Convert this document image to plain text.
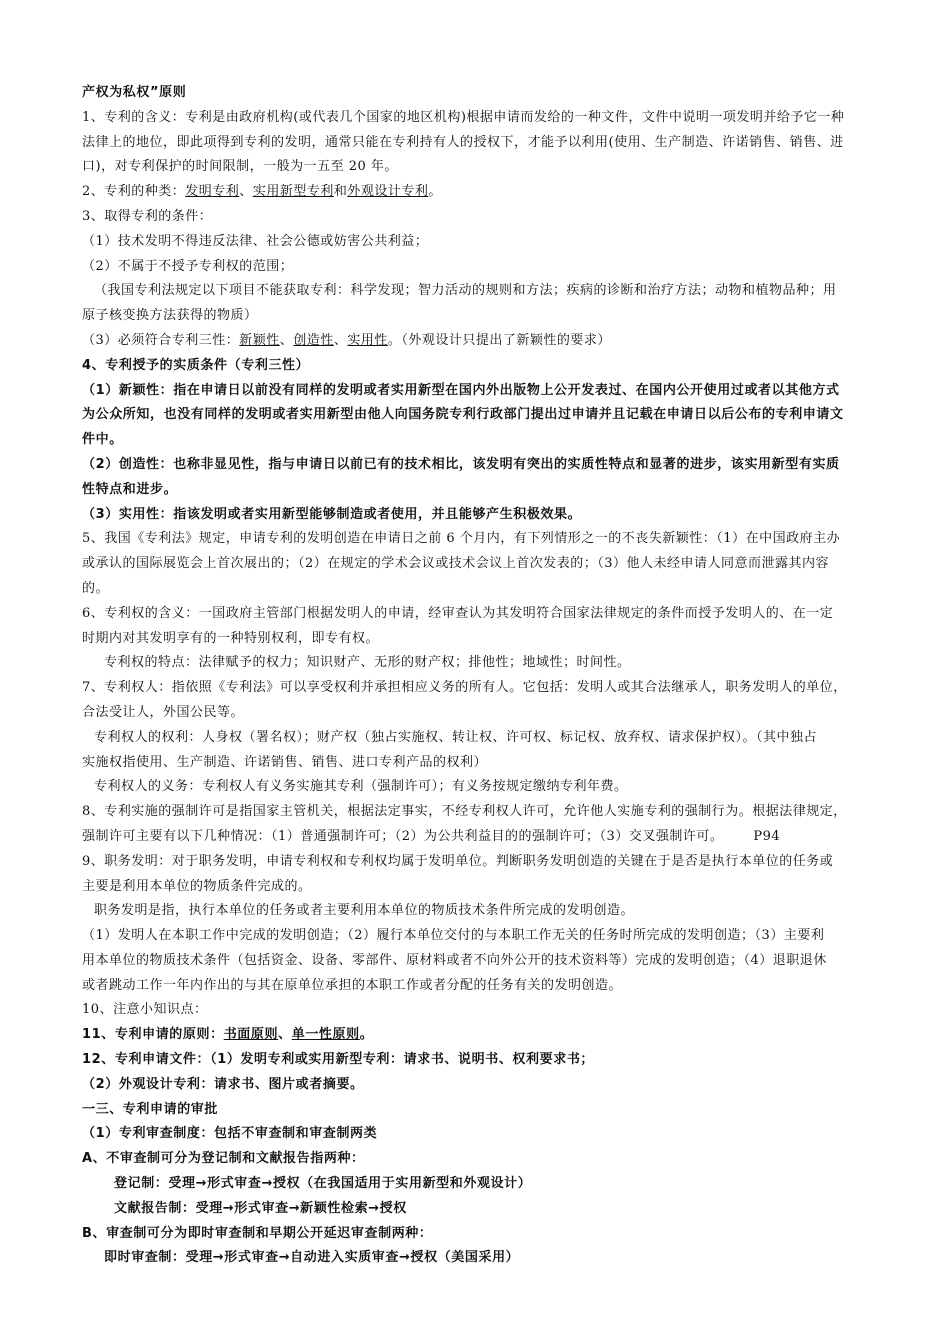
产权为私权”原则
1、专利的含义：专利是由政府机构(或代表几个国家的地区机构)根据申请而发给的一种文件，文件中说明一项发明并给予它一种
法律上的地位，即此项得到专利的发明，通常只能在专利持有人的授权下，才能予以利用(使用、生产制造、许诺销售、销售、进
口)，对专利保护的时间限制，一般为一五至 20 年。
2、专利的种类：发明专利、实用新型专利和外观设计专利。
3、取得专利的条件：
（1）技术发明不得违反法律、社会公德或妨害公共利益；
（2）不属于不授予专利权的范围；
（我国专利法规定以下项目不能获取专利：科学发现；智力活动的规则和方法；疾病的诊断和治疗方法；动物和植物品种；用
原子核变换方法获得的物质）
（3）必须符合专利三性：新颖性、创造性、实用性。（外观设计只提出了新颖性的要求）
4、专利授予的实质条件（专利三性）
（1）新颖性：指在申请日以前没有同样的发明或者实用新型在国内外出版物上公开发表过、在国内公开使用过或者以其他方式
为公众所知，也没有同样的发明或者实用新型由他人向国务院专利行政部门提出过申请并且记载在申请日以后公布的专利申请文
件中。
（2）创造性：也称非显见性，指与申请日以前已有的技术相比，该发明有突出的实质性特点和显著的进步，该实用新型有实质
性特点和进步。
（3）实用性：指该发明或者实用新型能够制造或者使用，并且能够产生积极效果。
5、我国《专利法》规定，申请专利的发明创造在申请日之前 6 个月内，有下列情形之一的不丧失新颖性：（1）在中国政府主办
或承认的国际展览会上首次展出的；（2）在规定的学术会议或技术会议上首次发表的；（3）他人未经申请人同意而泄露其内容
的。
6、专利权的含义：一国政府主管部门根据发明人的申请，经审查认为其发明符合国家法律规定的条件而授予发明人的、在一定
时期内对其发明享有的一种特别权利，即专有权。
专利权的特点：法律赋予的权力；知识财产、无形的财产权；排他性；地域性；时间性。
7、专利权人：指依照《专利法》可以享受权利并承担相应义务的所有人。它包括：发明人或其合法继承人，职务发明人的单位，
合法受让人，外国公民等。
专利权人的权利：人身权（署名权）；财产权（独占实施权、转让权、许可权、标记权、放弃权、请求保护权）。（其中独占
实施权指使用、生产制造、许诺销售、销售、进口专利产品的权利）
专利权人的义务：专利权人有义务实施其专利（强制许可）；有义务按规定缴纳专利年费。
8、专利实施的强制许可是指国家主管机关，根据法定事实，不经专利权人许可，允许他人实施专利的强制行为。根据法律规定，
强制许可主要有以下几种情况：（1）普通强制许可；（2）为公共利益目的的强制许可；（3）交叉强制许可。 P94
9、职务发明：对于职务发明，申请专利权和专利权均属于发明单位。判断职务发明创造的关键在于是否是执行本单位的任务或
主要是利用本单位的物质条件完成的。
职务发明是指，执行本单位的任务或者主要利用本单位的物质技术条件所完成的发明创造。
（1）发明人在本职工作中完成的发明创造；（2）履行本单位交付的与本职工作无关的任务时所完成的发明创造；（3）主要利
用本单位的物质技术条件（包括资金、设备、零部件、原材料或者不向外公开的技术资料等）完成的发明创造；（4）退职退休
或者跳动工作一年内作出的与其在原单位承担的本职工作或者分配的任务有关的发明创造。
10、注意小知识点：
11、专利申请的原则：书面原则、单一性原则。
12、专利申请文件：（1）发明专利或实用新型专利：请求书、说明书、权利要求书；
（2）外观设计专利：请求书、图片或者摘要。
一三、专利申请的审批
（1）专利审查制度：包括不审查制和审查制两类
A、不审查制可分为登记制和文献报告指两种：
登记制：受理→形式审查→授权（在我国适用于实用新型和外观设计）
文献报告制：受理→形式审查→新颖性检索→授权
B、审查制可分为即时审查制和早期公开延迟审查制两种：
即时审查制：受理→形式审查→自动进入实质审查→授权（美国采用）
